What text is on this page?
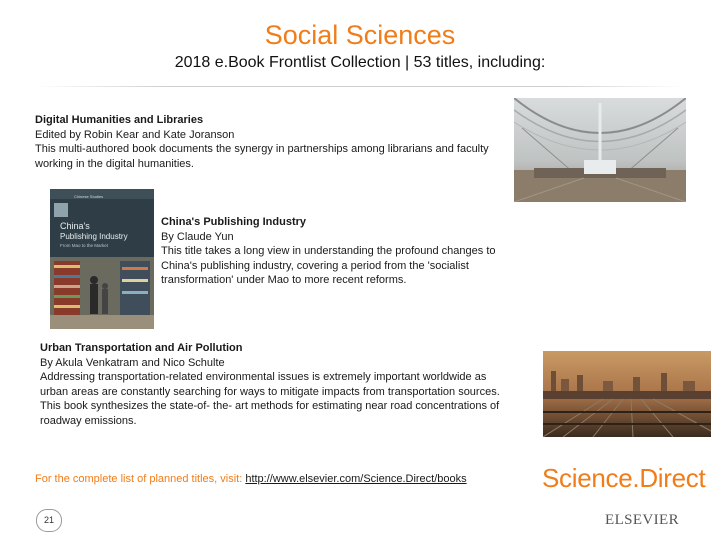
Social Sciences
2018 e.Book Frontlist Collection | 53 titles, including:
Digital Humanities and Libraries
Edited by Robin Kear and Kate Joranson
This multi-authored book documents the synergy in partnerships among librarians and faculty working in the digital humanities.
Chinese Studies
China's
Publishing Industry
From Mao to the Market
China's Publishing Industry
By Claude Yun
This title takes a long view in understanding the profound changes to China's publishing industry, covering a period from the 'socialist transformation' under Mao to more recent reforms.
Urban Transportation and Air Pollution
By Akula Venkatram and Nico Schulte
Addressing transportation-related environmental issues is extremely important worldwide as urban areas are constantly searching for ways to mitigate impacts from transportation sources. This book synthesizes the state-of- the- art methods for estimating near road concentrations of roadway emissions.
For the complete list of planned titles, visit: http://www.elsevier.com/Science.Direct/books	Science.Direct
ELSEVIER
21
